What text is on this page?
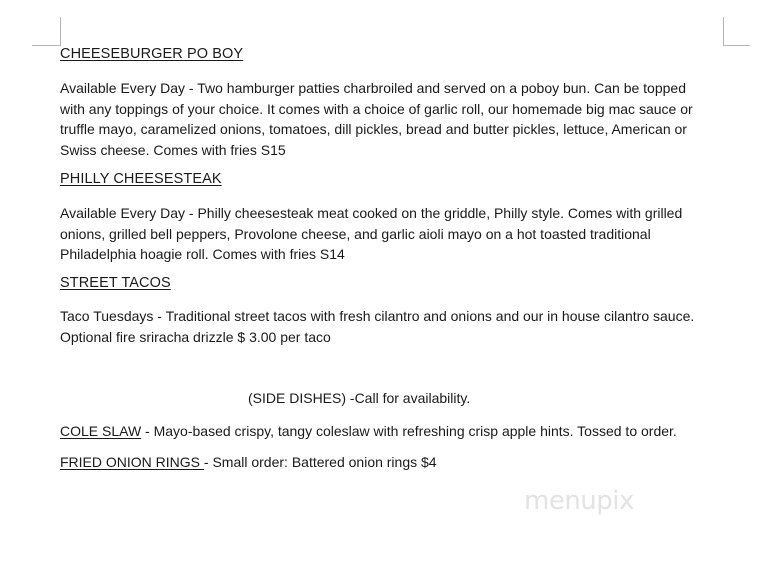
CHEESEBURGER PO BOY
Available Every Day - Two hamburger patties charbroiled and served on a poboy bun. Can be topped
with any toppings of your choice. It comes with a choice of garlic roll, our homemade big mac sauce or
truffle mayo, caramelized onions, tomatoes, dill pickles, bread and butter pickles, lettuce, American or
Swiss cheese. Comes with fries S15
PHILLY CHEESESTEAK
Available Every Day - Philly cheesesteak meat cooked on the griddle, Philly style. Comes with grilled
onions, grilled bell peppers, Provolone cheese, and garlic aioli mayo on a hot toasted traditional
Philadelphia hoagie roll. Comes with fries S14
STREET TACOS
Taco Tuesdays - Traditional street tacos with fresh cilantro and onions and our in house cilantro sauce.
Optional fire sriracha drizzle $ 3.00 per taco
(SIDE DISHES) -Call for availability.
COLE SLAW - Mayo-based crispy, tangy coleslaw with refreshing crisp apple hints. Tossed to order.
FRIED ONION RINGS - Small order: Battered onion rings $4
menupix
